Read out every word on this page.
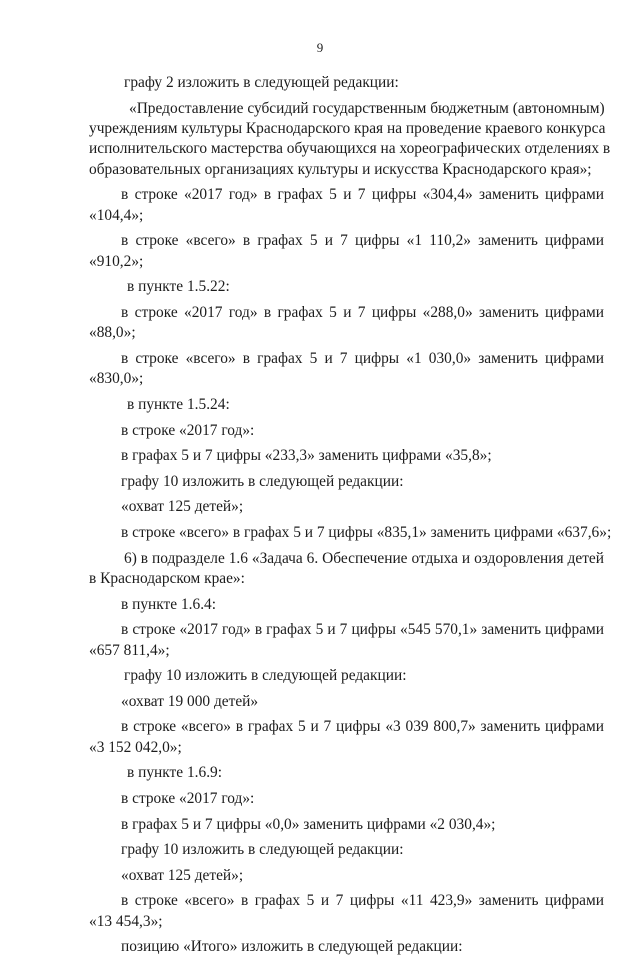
9
графу 2 изложить в следующей редакции:
«Предоставление субсидий государственным бюджетным (автономным)
учреждениям культуры Краснодарского края на проведение краевого конкурса
исполнительского мастерства обучающихся на хореографических отделениях в
образовательных организациях культуры и искусства Краснодарского края»;
в строке «2017 год» в графах 5 и 7 цифры «304,4» заменить цифрами
«104,4»;
в строке «всего» в графах 5 и 7 цифры «1 110,2» заменить цифрами
«910,2»;
в пункте 1.5.22:
в строке «2017 год» в графах 5 и 7 цифры «288,0» заменить цифрами
«88,0»;
в строке «всего» в графах 5 и 7 цифры «1 030,0» заменить цифрами
«830,0»;
в пункте 1.5.24:
в строке «2017 год»:
в графах 5 и 7 цифры «233,3» заменить цифрами «35,8»;
графу 10 изложить в следующей редакции:
«охват 125 детей»;
в строке «всего» в графах 5 и 7 цифры «835,1» заменить цифрами «637,6»;
6) в подразделе 1.6 «Задача 6. Обеспечение отдыха и оздоровления детей
в Краснодарском крае»:
в пункте 1.6.4:
в строке «2017 год» в графах 5 и 7 цифры «545 570,1» заменить цифрами
«657 811,4»;
графу 10 изложить в следующей редакции:
«охват 19 000 детей»
в строке «всего» в графах 5 и 7 цифры «3 039 800,7» заменить цифрами
«3 152 042,0»;
в пункте 1.6.9:
в строке «2017 год»:
в графах 5 и 7 цифры «0,0» заменить цифрами «2 030,4»;
графу 10 изложить в следующей редакции:
«охват 125 детей»;
в строке «всего» в графах 5 и 7 цифры «11 423,9» заменить цифрами
«13 454,3»;
позицию «Итого» изложить в следующей редакции:
